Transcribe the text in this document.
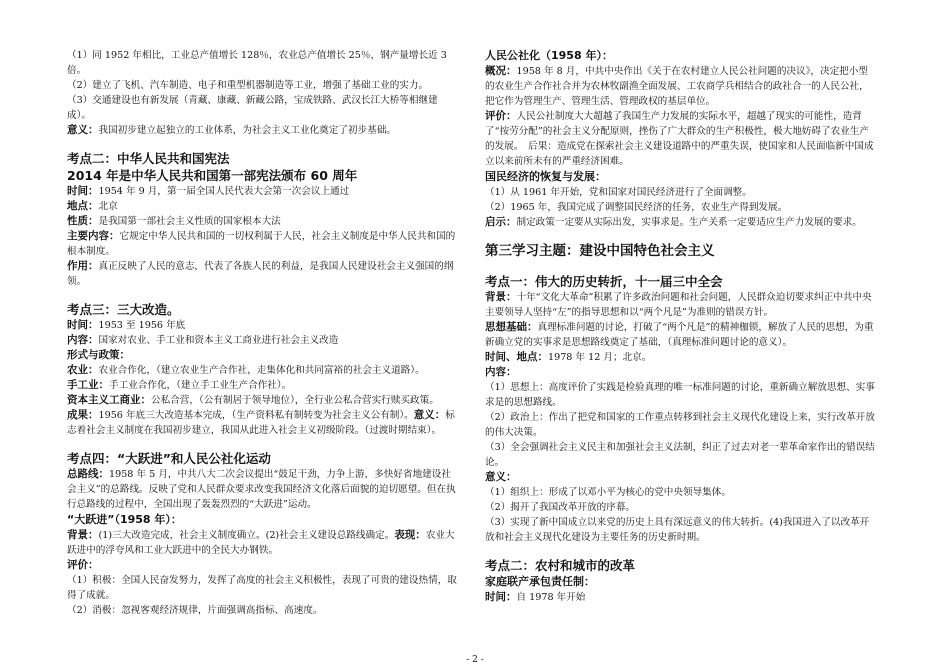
（1）同 1952 年相比，工业总产值增长 128％，农业总产值增长 25％，钢产量增长近 3 倍。

（2）建立了飞机、汽车制造、电子和重型机器制造等工业，增强了基础工业的实力。

（3）交通建设也有新发展（青藏、康藏、新藏公路，宝成铁路、武汉长江大桥等相继建成）。

意义：我国初步建立起独立的工业体系，为社会主义工业化奠定了初步基础。

考点二：中华人民共和国宪法

2014 年是中华人民共和国第一部宪法颁布 60 周年

时间：1954 年 9 月，第一届全国人民代表大会第一次会议上通过

地点：北京

性质：是我国第一部社会主义性质的国家根本大法

主要内容：它规定中华人民共和国的一切权利属于人民，社会主义制度是中华人民共和国的根本制度。

作用：真正反映了人民的意志，代表了各族人民的利益，是我国人民建设社会主义强国的纲领。

考点三：三大改造。

时间：1953 至 1956 年底

内容：国家对农业、手工业和资本主义工商业进行社会主义改造

形式与政策：

农业：农业合作化，（建立农业生产合作社，走集体化和共同富裕的社会主义道路）。

手工业：手工业合作化，（建立手工业生产合作社）。

资本主义工商业：公私合营，（公有制居于领导地位），全行业公私合营实行赎买政策。

成果：1956 年底三大改造基本完成，（生产资料私有制转变为社会主义公有制）。意义：标志着社会主义制度在我国初步建立，我国从此进入社会主义初级阶段。（过渡时期结束）。

考点四：“大跃进”和人民公社化运动

总路线：1958 年 5 月，中共八大二次会议提出“鼓足干劲，力争上游，多快好省地建设社会主义”的总路线。反映了党和人民群众要求改变我国经济文化落后面貌的迫切愿望。但在执行总路线的过程中，全国出现了轰轰烈烈的“大跃进”运动。

“大跃进”（1958 年）：

背景：(1)三大改造完成，社会主义制度确立。(2)社会主义建设总路线确定。表现：农业大跃进中的浮夸风和工业大跃进中的全民大办钢铁。

评价：

（1）积极：全国人民奋发努力，发挥了高度的社会主义积极性，表现了可贵的建设热情，取得了成就。

（2）消极：忽视客观经济规律，片面强调高指标、高速度。

人民公社化（1958 年）：

概况：1958 年 8 月，中共中央作出《关于在农村建立人民公社问题的决议》，决定把小型的农业生产合作社合并为农林牧副渔全面发展、工农商学兵相结合的政社合一的人民公社，把它作为管理生产、管理生活、管理政权的基层单位。

评价：人民公社制度大大超越了我国生产力发展的实际水平，超越了现实的可能性，造背了“按劳分配”的社会主义分配原则，挫伤了广大群众的生产积极性，极大地妨碍了农业生产的发展。　后果：造成党在探索社会主义建设道路中的严重失误，使国家和人民面临新中国成立以来前所未有的严重经济困难。

国民经济的恢复与发展：

（1）从 1961 年开始，党和国家对国民经济进行了全面调整。

（2）1965 年，我国完成了调整国民经济的任务，农业生产得到发展。

启示：制定政策一定要从实际出发，实事求是。生产关系一定要适应生产力发展的要求。

第三学习主题：建设中国特色社会主义

考点一：伟大的历史转折，十一届三中全会

背景：十年“文化大革命”积累了许多政治问题和社会问题，人民群众迫切要求纠正中共中央主要领导人坚持“左”的指导思想和以“两个凡是”为准则的错误方针。

思想基础：真理标准问题的讨论，打破了“两个凡是”的精神枷锁，解放了人民的思想，为重新确立党的实事求是思想路线奠定了基础，（真理标准问题讨论的意义）。

时间、地点：1978 年 12 月；北京。

内容：

（1）思想上：高度评价了实践是检验真理的唯一标准问题的讨论，重新确立解放思想、实事求是的思想路线。

（2）政治上：作出了把党和国家的工作重点转移到社会主义现代化建设上来，实行改革开放的伟大决策。

（3）全会强调社会主义民主和加强社会主义法制，纠正了过去对老一辈革命家作出的错误结论。

意义：

（1）组织上：形成了以邓小平为核心的党中央领导集体。

（2）揭开了我国改革开放的序幕。

（3）实现了新中国成立以来党的历史上具有深远意义的伟大转折。(4)我国进入了以改革开放和社会主义现代化建设为主要任务的历史新时期。

考点二：农村和城市的改革

家庭联产承包责任制：

时间：自 1978 年开始

- 2 -
